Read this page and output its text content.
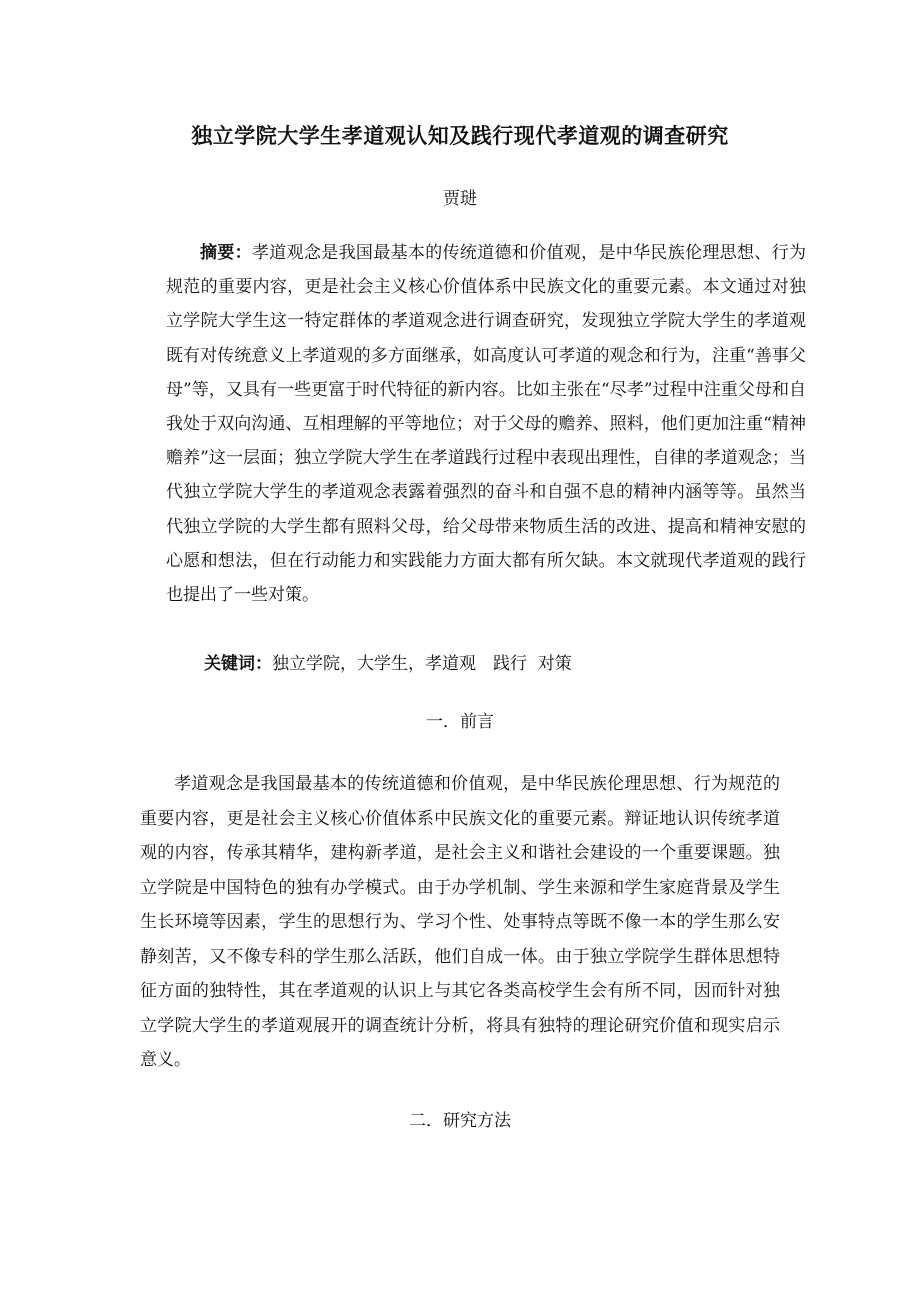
独立学院大学生孝道观认知及践行现代孝道观的调查研究
贾琎
摘要：孝道观念是我国最基本的传统道德和价值观，是中华民族伦理思想、行为规范的重要内容，更是社会主义核心价值体系中民族文化的重要元素。本文通过对独立学院大学生这一特定群体的孝道观念进行调查研究，发现独立学院大学生的孝道观既有对传统意义上孝道观的多方面继承，如高度认可孝道的观念和行为，注重“善事父母”等，又具有一些更富于时代特征的新内容。比如主张在“尽孝”过程中注重父母和自我处于双向沟通、互相理解的平等地位；对于父母的赡养、照料，他们更加注重“精神赡养”这一层面；独立学院大学生在孝道践行过程中表现出理性，自律的孝道观念；当代独立学院大学生的孝道观念表露着强烈的奋斗和自强不息的精神内涵等等。虽然当代独立学院的大学生都有照料父母，给父母带来物质生活的改进、提高和精神安慰的心愿和想法，但在行动能力和实践能力方面大都有所欠缺。本文就现代孝道观的践行也提出了一些对策。
关键词：独立学院，大学生，孝道观　践行  对策
一．前言
孝道观念是我国最基本的传统道德和价值观，是中华民族伦理思想、行为规范的重要内容，更是社会主义核心价值体系中民族文化的重要元素。辩证地认识传统孝道观的内容，传承其精华，建构新孝道，是社会主义和谐社会建设的一个重要课题。独立学院是中国特色的独有办学模式。由于办学机制、学生来源和学生家庭背景及学生生长环境等因素，学生的思想行为、学习个性、处事特点等既不像一本的学生那么安静刻苦，又不像专科的学生那么活跃，他们自成一体。由于独立学院学生群体思想特征方面的独特性，其在孝道观的认识上与其它各类高校学生会有所不同，因而针对独立学院大学生的孝道观展开的调查统计分析，将具有独特的理论研究价值和现实启示意义。
二．研究方法
